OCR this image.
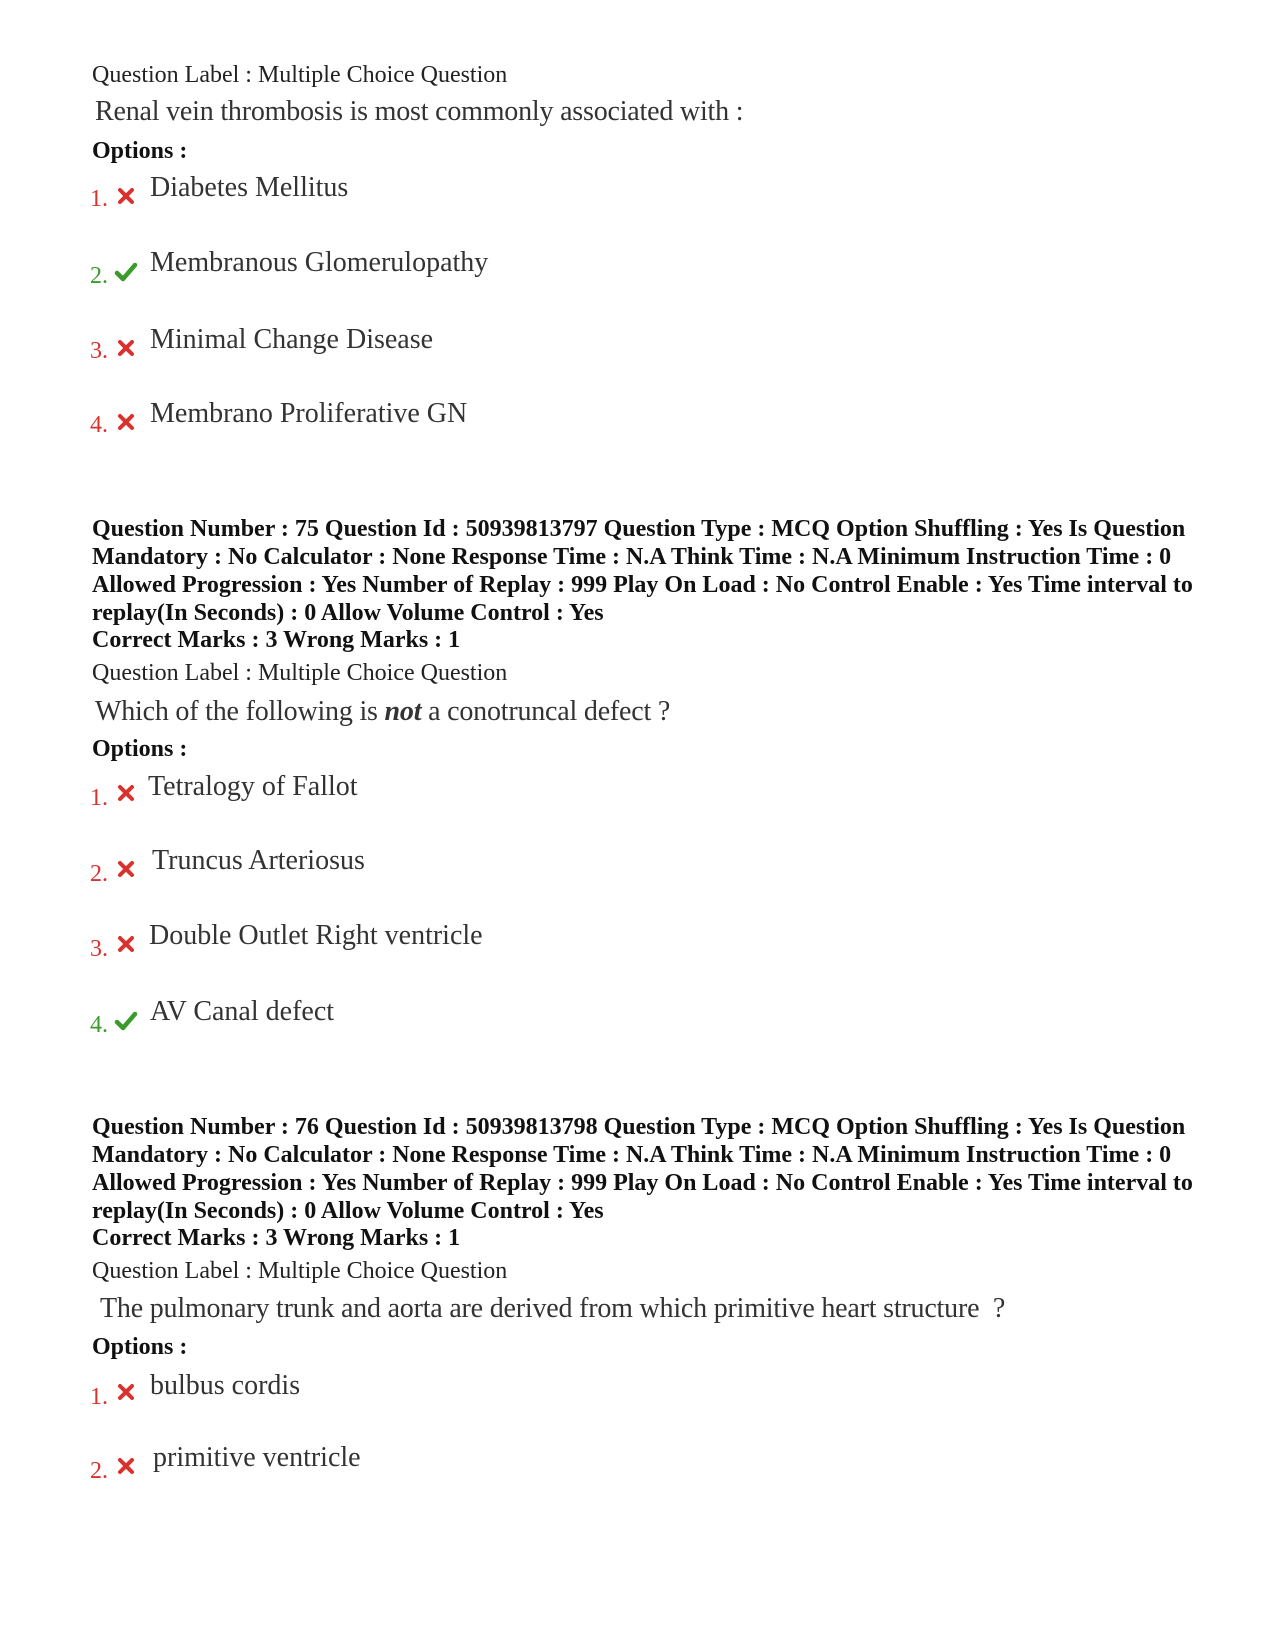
Question Label : Multiple Choice Question
Renal vein thrombosis is most commonly associated with :
Options :
1. Diabetes Mellitus
2. Membranous Glomerulopathy
3. Minimal Change Disease
4. Membrano Proliferative GN
Question Number : 75 Question Id : 50939813797 Question Type : MCQ Option Shuffling : Yes Is Question Mandatory : No Calculator : None Response Time : N.A Think Time : N.A Minimum Instruction Time : 0 Allowed Progression : Yes Number of Replay : 999 Play On Load : No Control Enable : Yes Time interval to replay(In Seconds) : 0 Allow Volume Control : Yes
Correct Marks : 3 Wrong Marks : 1
Question Label : Multiple Choice Question
Which of the following is not a conotruncal defect ?
Options :
1. Tetralogy of Fallot
2. Truncus Arteriosus
3. Double Outlet Right ventricle
4. AV Canal defect
Question Number : 76 Question Id : 50939813798 Question Type : MCQ Option Shuffling : Yes Is Question Mandatory : No Calculator : None Response Time : N.A Think Time : N.A Minimum Instruction Time : 0 Allowed Progression : Yes Number of Replay : 999 Play On Load : No Control Enable : Yes Time interval to replay(In Seconds) : 0 Allow Volume Control : Yes
Correct Marks : 3 Wrong Marks : 1
Question Label : Multiple Choice Question
The pulmonary trunk and aorta are derived from which primitive heart structure  ?
Options :
1. bulbus cordis
2. primitive ventricle
